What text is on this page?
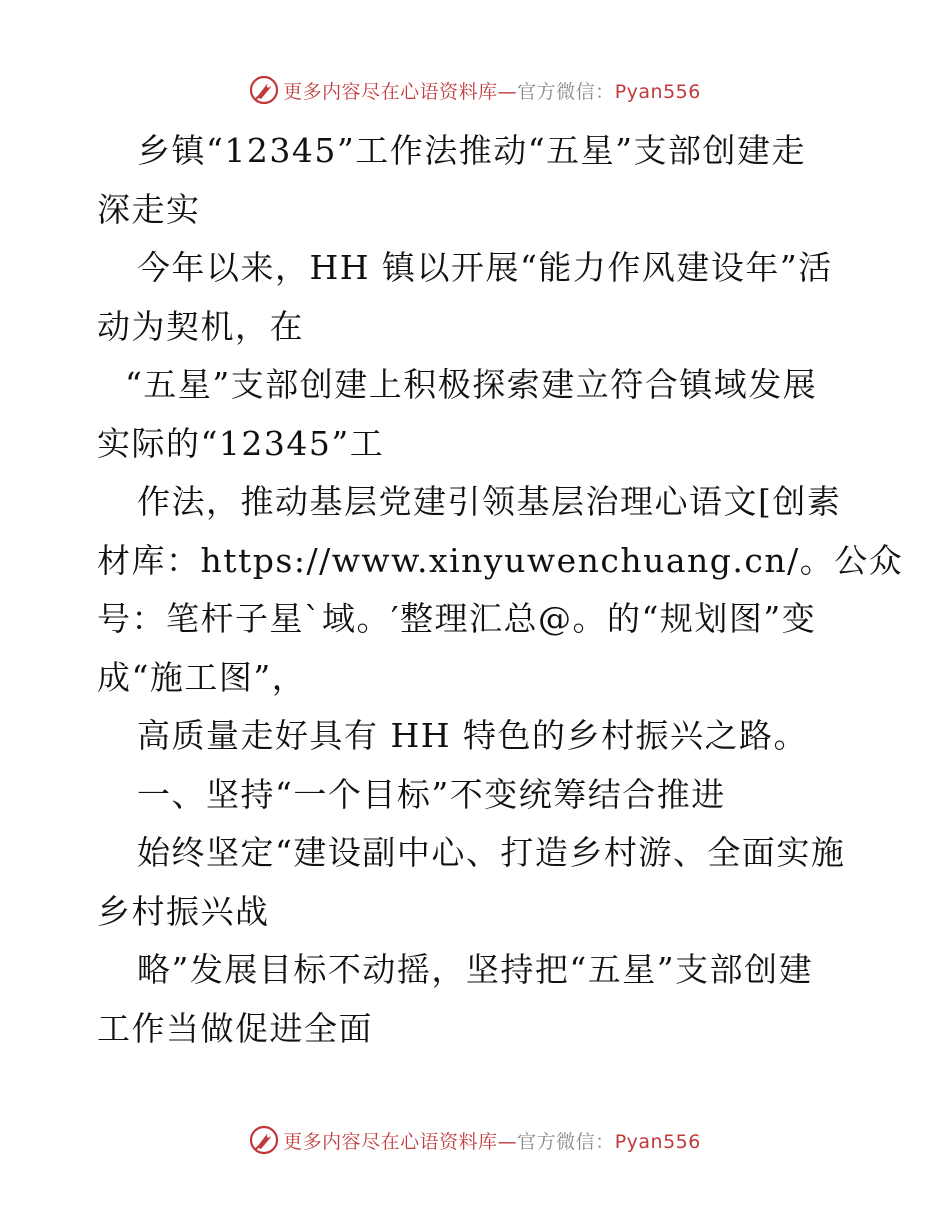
更多内容尽在心语资料库—官方微信：Pyan556
乡镇“12345”工作法推动“五星”支部创建走
深走实
今年以来，HH 镇以开展“能力作风建设年”活
动为契机，在
“五星”支部创建上积极探索建立符合镇域发展
实际的“12345”工
作法，推动基层党建引领基层治理心语文[创素
材库：https://www.xinyuwenchuang.cn/。公众
号：笔杆子星`域。′整理汇总@。的“规划图”变
成“施工图”，
高质量走好具有 HH 特色的乡村振兴之路。
一、坚持“一个目标”不变统筹结合推进
始终坚定“建设副中心、打造乡村游、全面实施
乡村振兴战
略”发展目标不动摇，坚持把“五星”支部创建
工作当做促进全面
更多内容尽在心语资料库—官方微信：Pyan556
